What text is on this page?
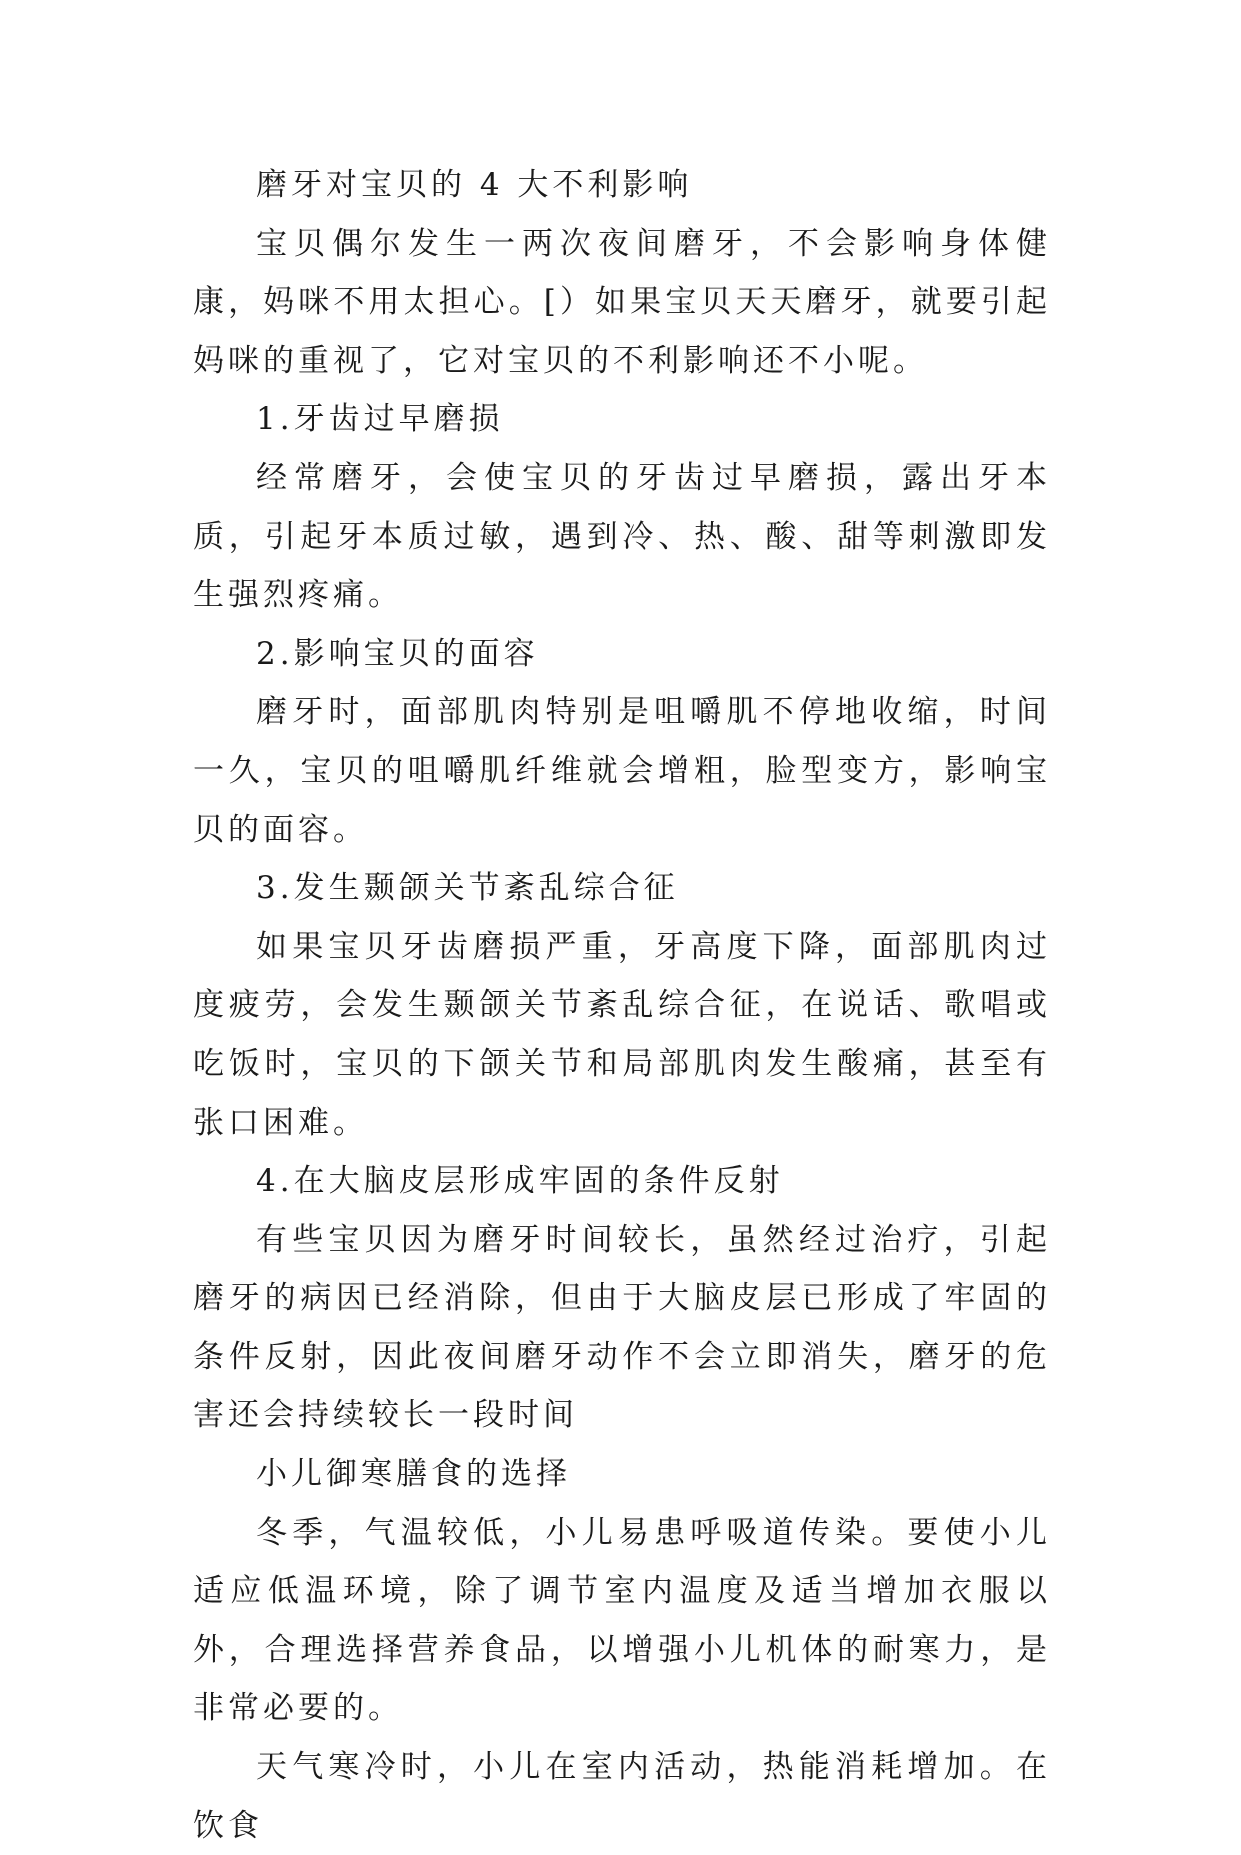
磨牙对宝贝的 4 大不利影响

宝贝偶尔发生一两次夜间磨牙，不会影响身体健康，妈咪不用太担心。[）如果宝贝天天磨牙，就要引起妈咪的重视了，它对宝贝的不利影响还不小呢。

1.牙齿过早磨损

经常磨牙，会使宝贝的牙齿过早磨损，露出牙本质，引起牙本质过敏，遇到冷、热、酸、甜等刺激即发生强烈疼痛。

2.影响宝贝的面容

磨牙时，面部肌肉特别是咀嚼肌不停地收缩，时间一久，宝贝的咀嚼肌纤维就会增粗，脸型变方，影响宝贝的面容。

3.发生颞颌关节紊乱综合征

如果宝贝牙齿磨损严重，牙高度下降，面部肌肉过度疲劳，会发生颞颌关节紊乱综合征，在说话、歌唱或吃饭时，宝贝的下颌关节和局部肌肉发生酸痛，甚至有张口困难。

4.在大脑皮层形成牢固的条件反射

有些宝贝因为磨牙时间较长，虽然经过治疗，引起磨牙的病因已经消除，但由于大脑皮层已形成了牢固的条件反射，因此夜间磨牙动作不会立即消失，磨牙的危害还会持续较长一段时间

小儿御寒膳食的选择

冬季，气温较低，小儿易患呼吸道传染。要使小儿适应低温环境，除了调节室内温度及适当增加衣服以外，合理选择营养食品，以增强小儿机体的耐寒力，是非常必要的。

天气寒冷时，小儿在室内活动，热能消耗增加。在饮食
